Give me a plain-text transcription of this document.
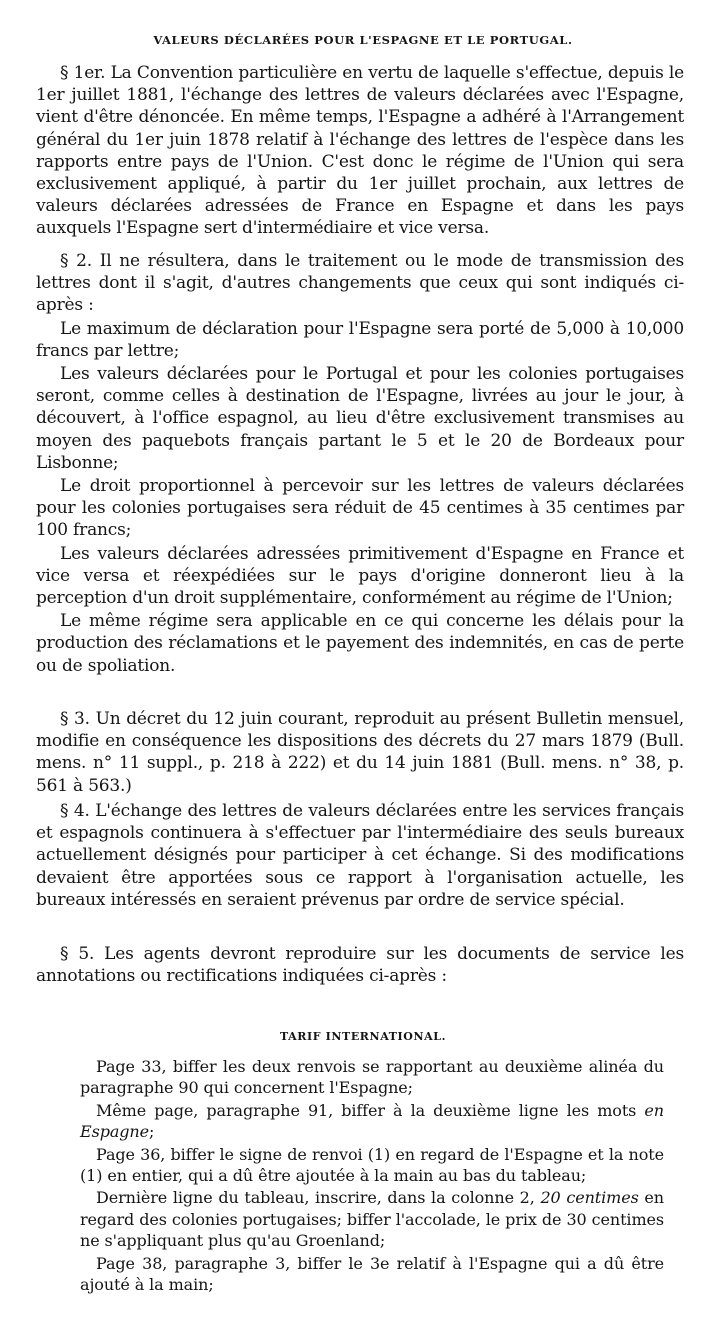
VALEURS DÉCLARÉES POUR L'ESPAGNE ET LE PORTUGAL.

§ 1er. La Convention particulière en vertu de laquelle s'effectue, depuis le 1er juillet 1881, l'échange des lettres de valeurs déclarées avec l'Espagne, vient d'être dénoncée. En même temps, l'Espagne a adhéré à l'Arrangement général du 1er juin 1878 relatif à l'échange des lettres de l'espèce dans les rapports entre pays de l'Union. C'est donc le régime de l'Union qui sera exclusivement appliqué, à partir du 1er juillet prochain, aux lettres de valeurs déclarées adressées de France en Espagne et dans les pays auxquels l'Espagne sert d'intermédiaire et vice versa.

§ 2. Il ne résultera, dans le traitement ou le mode de transmission des lettres dont il s'agit, d'autres changements que ceux qui sont indiqués ci-après :

Le maximum de déclaration pour l'Espagne sera porté de 5,000 à 10,000 francs par lettre;

Les valeurs déclarées pour le Portugal et pour les colonies portugaises seront, comme celles à destination de l'Espagne, livrées au jour le jour, à découvert, à l'office espagnol, au lieu d'être exclusivement transmises au moyen des paquebots français partant le 5 et le 20 de Bordeaux pour Lisbonne;

Le droit proportionnel à percevoir sur les lettres de valeurs déclarées pour les colonies portugaises sera réduit de 45 centimes à 35 centimes par 100 francs;

Les valeurs déclarées adressées primitivement d'Espagne en France et vice versa et réexpédiées sur le pays d'origine donneront lieu à la perception d'un droit supplémentaire, conformément au régime de l'Union;

Le même régime sera applicable en ce qui concerne les délais pour la production des réclamations et le payement des indemnités, en cas de perte ou de spoliation.

§ 3. Un décret du 12 juin courant, reproduit au présent Bulletin mensuel, modifie en conséquence les dispositions des décrets du 27 mars 1879 (Bull. mens. n° 11 suppl., p. 218 à 222) et du 14 juin 1881 (Bull. mens. n° 38, p. 561 à 563.)

§ 4. L'échange des lettres de valeurs déclarées entre les services français et espagnols continuera à s'effectuer par l'intermédiaire des seuls bureaux actuellement désignés pour participer à cet échange. Si des modifications devaient être apportées sous ce rapport à l'organisation actuelle, les bureaux intéressés en seraient prévenus par ordre de service spécial.

§ 5. Les agents devront reproduire sur les documents de service les annotations ou rectifications indiquées ci-après :

TARIF INTERNATIONAL.

Page 33, biffer les deux renvois se rapportant au deuxième alinéa du paragraphe 90 qui concernent l'Espagne;

Même page, paragraphe 91, biffer à la deuxième ligne les mots en Espagne;

Page 36, biffer le signe de renvoi (1) en regard de l'Espagne et la note (1) en entier, qui a dû être ajoutée à la main au bas du tableau;

Dernière ligne du tableau, inscrire, dans la colonne 2, 20 centimes en regard des colonies portugaises; biffer l'accolade, le prix de 30 centimes ne s'appliquant plus qu'au Groenland;

Page 38, paragraphe 3, biffer le 3e relatif à l'Espagne qui a dû être ajouté à la main;
